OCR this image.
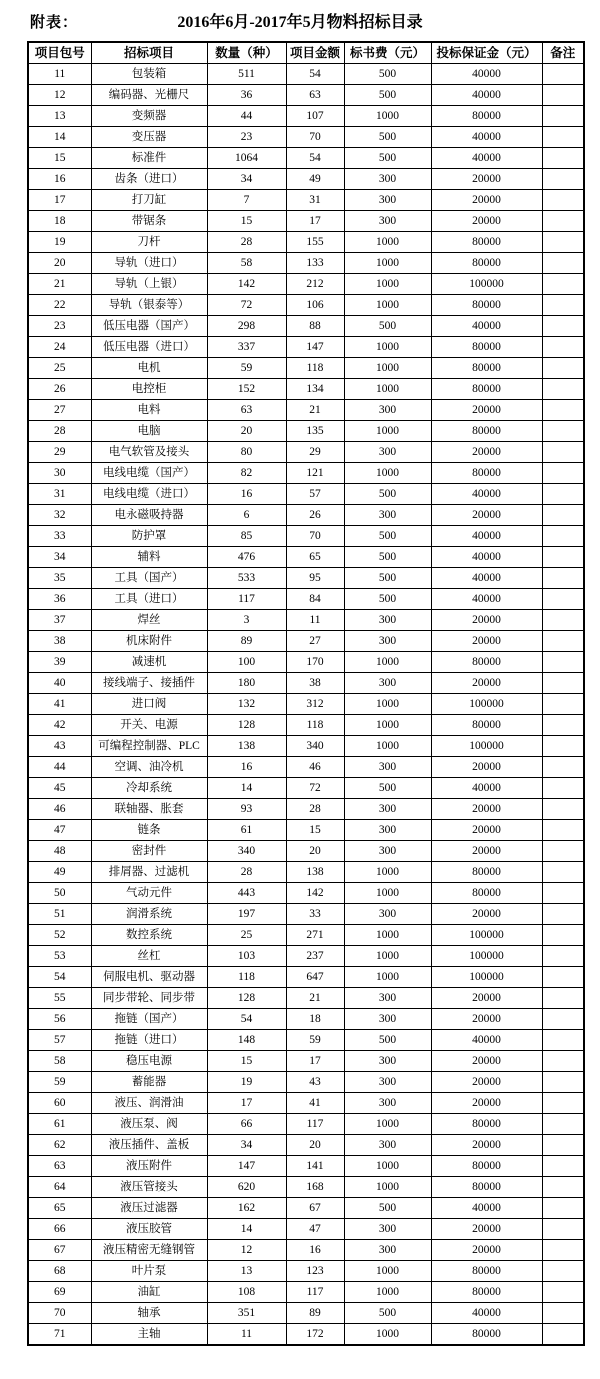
附表：	2016年6月-2017年5月物料招标目录
项目包号	招标项目	数量（种）	项目金额	标书费（元）	投标保证金（元）	备注
11	包装箱	511	54	500	40000	
12	编码器、光栅尺	36	63	500	40000	
13	变频器	44	107	1000	80000	
14	变压器	23	70	500	40000	
15	标准件	1064	54	500	40000	
16	齿条（进口）	34	49	300	20000	
17	打刀缸	7	31	300	20000	
18	带锯条	15	17	300	20000	
19	刀杆	28	155	1000	80000	
20	导轨（进口）	58	133	1000	80000	
21	导轨（上银）	142	212	1000	100000	
22	导轨（银泰等）	72	106	1000	80000	
23	低压电器（国产）	298	88	500	40000	
24	低压电器（进口）	337	147	1000	80000	
25	电机	59	118	1000	80000	
26	电控柜	152	134	1000	80000	
27	电料	63	21	300	20000	
28	电脑	20	135	1000	80000	
29	电气软管及接头	80	29	300	20000	
30	电线电缆（国产）	82	121	1000	80000	
31	电线电缆（进口）	16	57	500	40000	
32	电永磁吸持器	6	26	300	20000	
33	防护罩	85	70	500	40000	
34	辅料	476	65	500	40000	
35	工具（国产）	533	95	500	40000	
36	工具（进口）	117	84	500	40000	
37	焊丝	3	11	300	20000	
38	机床附件	89	27	300	20000	
39	减速机	100	170	1000	80000	
40	接线端子、接插件	180	38	300	20000	
41	进口阀	132	312	1000	100000	
42	开关、电源	128	118	1000	80000	
43	可编程控制器、PLC	138	340	1000	100000	
44	空调、油冷机	16	46	300	20000	
45	冷却系统	14	72	500	40000	
46	联轴器、胀套	93	28	300	20000	
47	链条	61	15	300	20000	
48	密封件	340	20	300	20000	
49	排屑器、过滤机	28	138	1000	80000	
50	气动元件	443	142	1000	80000	
51	润滑系统	197	33	300	20000	
52	数控系统	25	271	1000	100000	
53	丝杠	103	237	1000	100000	
54	伺服电机、驱动器	118	647	1000	100000	
55	同步带轮、同步带	128	21	300	20000	
56	拖链（国产）	54	18	300	20000	
57	拖链（进口）	148	59	500	40000	
58	稳压电源	15	17	300	20000	
59	蓄能器	19	43	300	20000	
60	液压、润滑油	17	41	300	20000	
61	液压泵、阀	66	117	1000	80000	
62	液压插件、盖板	34	20	300	20000	
63	液压附件	147	141	1000	80000	
64	液压管接头	620	168	1000	80000	
65	液压过滤器	162	67	500	40000	
66	液压胶管	14	47	300	20000	
67	液压精密无缝钢管	12	16	300	20000	
68	叶片泵	13	123	1000	80000	
69	油缸	108	117	1000	80000	
70	轴承	351	89	500	40000	
71	主轴	11	172	1000	80000	
